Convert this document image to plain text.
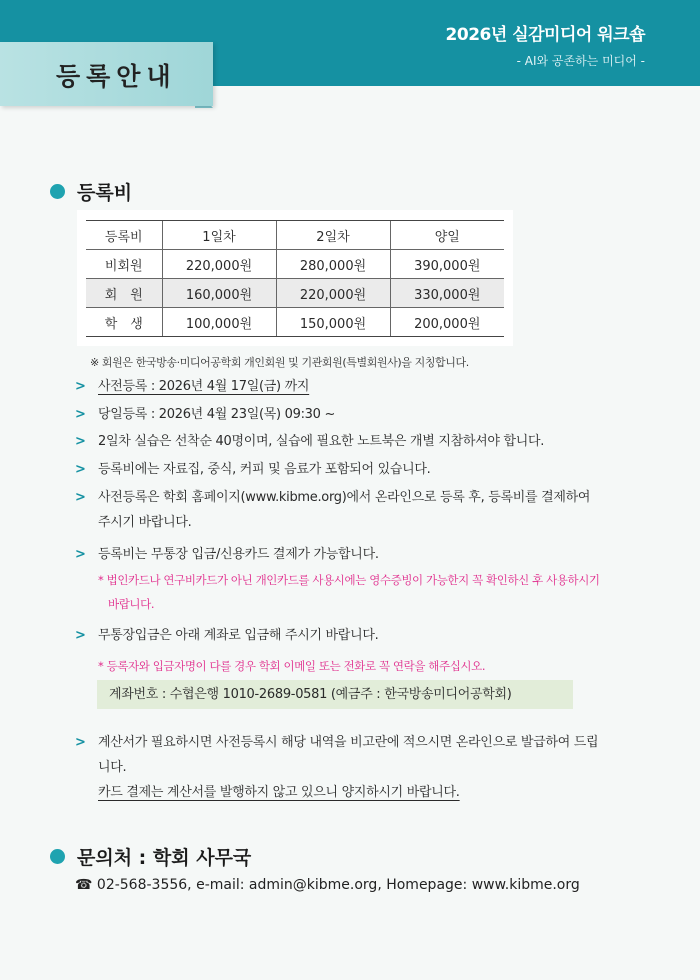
2026년 실감미디어 워크숍
- AI와 공존하는 미디어 -
등록안내
등록비
등록비	1일차	2일차	양일
비회원	220,000원	280,000원	390,000원
회　원	160,000원	220,000원	330,000원
학　생	100,000원	150,000원	200,000원
※ 회원은 한국방송·미디어공학회 개인회원 및 기관회원(특별회원사)을 지칭합니다.
> 사전등록 : 2026년 4월 17일(금) 까지
> 당일등록 : 2026년 4월 23일(목) 09:30 ~
> 2일차 실습은 선착순 40명이며, 실습에 필요한 노트북은 개별 지참하셔야 합니다.
> 등록비에는 자료집, 중식, 커피 및 음료가 포함되어 있습니다.
> 사전등록은 학회 홈페이지(www.kibme.org)에서 온라인으로 등록 후, 등록비를 결제하여
주시기 바랍니다.
> 등록비는 무통장 입금/신용카드 결제가 가능합니다.
* 법인카드나 연구비카드가 아닌 개인카드를 사용시에는 영수증빙이 가능한지 꼭 확인하신 후 사용하시기
바랍니다.
> 무통장입금은 아래 계좌로 입금해 주시기 바랍니다.
* 등록자와 입금자명이 다를 경우 학회 이메일 또는 전화로 꼭 연락을 해주십시오.
계좌번호 : 수협은행 1010-2689-0581 (예금주 : 한국방송미디어공학회)
> 계산서가 필요하시면 사전등록시 해당 내역을 비고란에 적으시면 온라인으로 발급하여 드립
니다.
카드 결제는 계산서를 발행하지 않고 있으니 양지하시기 바랍니다.
문의처 : 학회 사무국
☎ 02-568-3556, e-mail: admin@kibme.org, Homepage: www.kibme.org
